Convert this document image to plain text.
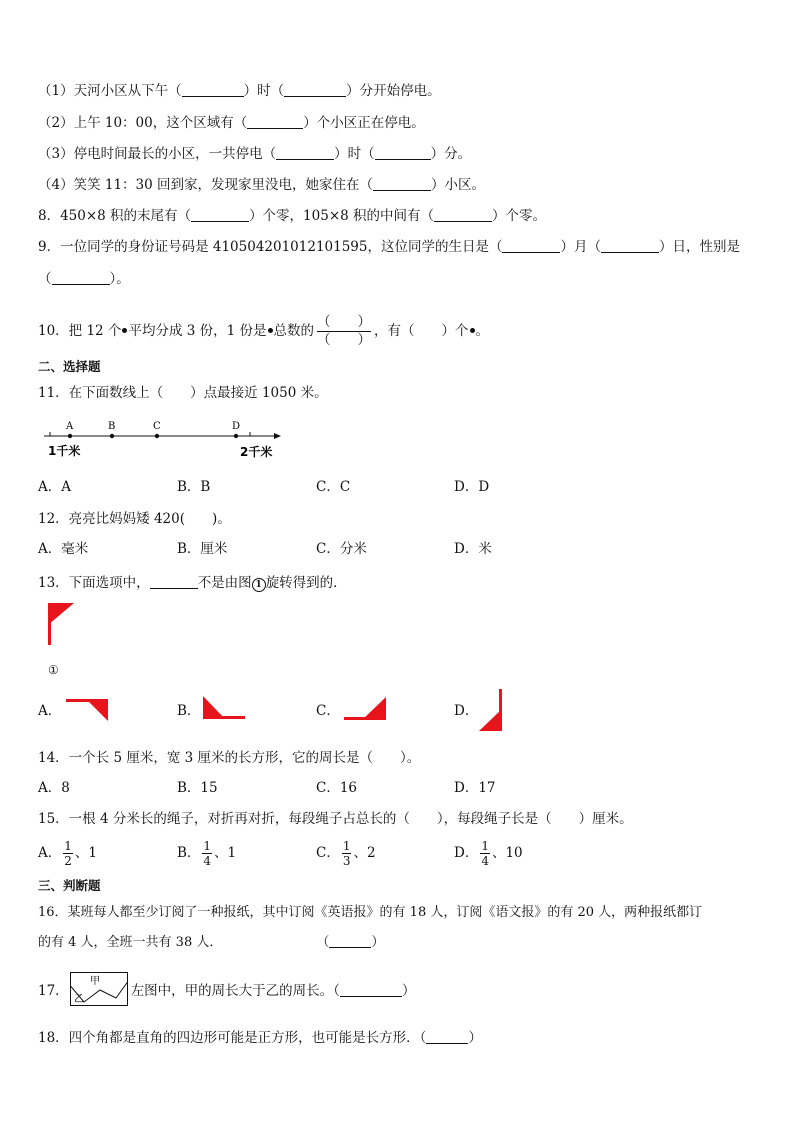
（1）天河小区从下午（	）时（	）分开始停电。
（2）上午 10：00，这个区域有（	）个小区正在停电。
（3）停电时间最长的小区，一共停电（	）时（	）分。
（4）笑笑 11：30 回到家，发现家里没电，她家住在（	）小区。
8．450×8 积的末尾有（	）个零，105×8 积的中间有（	）个零。
9．一位同学的身份证号码是 410504201012101595，这位同学的生日是（	）月（	）日，性别是
（	）。
10．把 12 个 平均分成 3 份，1 份是 总数的 $\frac{( )}{( )}$ ，有（　　）个 。
二、选择题
11．在下面数线上（　　）点最接近 1050 米。
A	B	C	D
1千米	2千米
A．A	B．B	C．C	D．D
12．亮亮比妈妈矮 420(　　)。
A．毫米	B．厘米	C．分米	D．米
13．下面选项中，	不是由图 1 旋转得到的．
①
A．	B．	C．	D．
14．一个长 5 厘米，宽 3 厘米的长方形，它的周长是（　　）。
A．8	B．15	C．16	D．17
15．一根 4 分米长的绳子，对折再对折，每段绳子占总长的（　　），每段绳子长是（　　）厘米。
A． $\frac{1}{2}$ 、1	B． $\frac{1}{4}$ 、1	C． $\frac{1}{3}$ 、2	D． $\frac{1}{4}$ 、10
三、判断题
16．某班每人都至少订阅了一种报纸，其中订阅《英语报》的有 18 人，订阅《语文报》的有 20 人，两种报纸都订
的有 4 人，全班一共有 38 人．	（	）
17．	左图中，甲的周长大于乙的周长。（	）
甲
乙
18．四个角都是直角的四边形可能是正方形，也可能是长方形．（	）
